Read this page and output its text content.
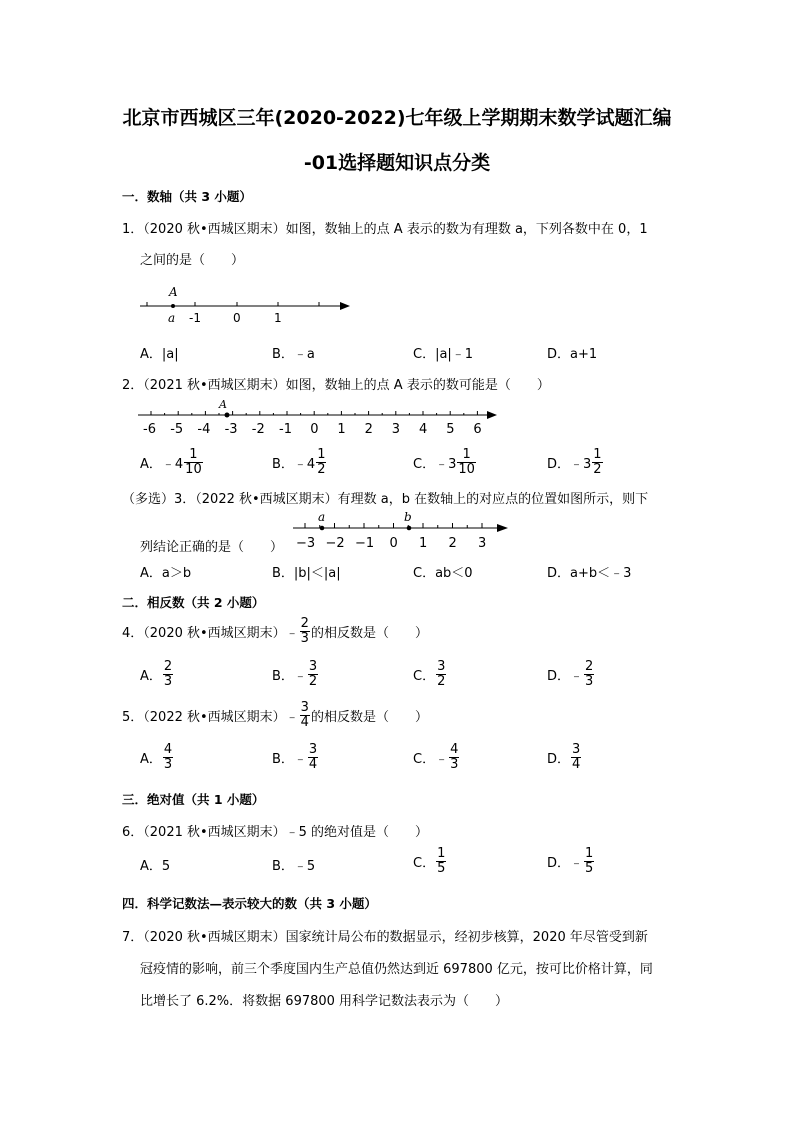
北京市西城区三年(2020-2022)七年级上学期期末数学试题汇编
-01选择题知识点分类
一．数轴（共 3 小题）
1．（2020 秋•西城区期末）如图，数轴上的点 A 表示的数为有理数 a，下列各数中在 0，1
之间的是（　　）
A
a -1	0	1
A．|a|	B．﹣a	C．|a|﹣1	D．a+1
2．（2021 秋•西城区期末）如图，数轴上的点 A 表示的数可能是（　　）
-6 -5 -4 -3 -2 -1 0 1 2 3 4 5 6
A
A．﹣4 $\frac{1}{10}$	B．﹣4 $\frac{1}{2}$	C．﹣3 $\frac{1}{10}$	D．﹣3 $\frac{1}{2}$
（多选）3．（2022 秋•西城区期末）有理数 a，b 在数轴上的对应点的位置如图所示，则下
列结论正确的是（　　） −3 −2 −1 0 1 2 3
a	b
A．a＞b	B．|b|＜|a|	C．ab＜0	D．a+b＜﹣3
二．相反数（共 2 小题）
4．（2020 秋•西城区期末）﹣ $\frac{2}{3}$ 的相反数是（　　）
A． $\frac{2}{3}$	B．﹣ $\frac{3}{2}$	C． $\frac{3}{2}$	D．﹣ $\frac{2}{3}$
5．（2022 秋•西城区期末）﹣ $\frac{3}{4}$ 的相反数是（　　）
A． $\frac{4}{3}$	B．﹣ $\frac{3}{4}$	C．﹣ $\frac{4}{3}$	D． $\frac{3}{4}$
三．绝对值（共 1 小题）
6．（2021 秋•西城区期末）﹣5 的绝对值是（　　）
A．5	B．﹣5	C． $\frac{1}{5}$	D．﹣ $\frac{1}{5}$
四．科学记数法—表示较大的数（共 3 小题）
7．（2020 秋•西城区期末）国家统计局公布的数据显示，经初步核算，2020 年尽管受到新
冠疫情的影响，前三个季度国内生产总值仍然达到近 697800 亿元，按可比价格计算，同
比增长了 6.2%．将数据 697800 用科学记数法表示为（　　）
